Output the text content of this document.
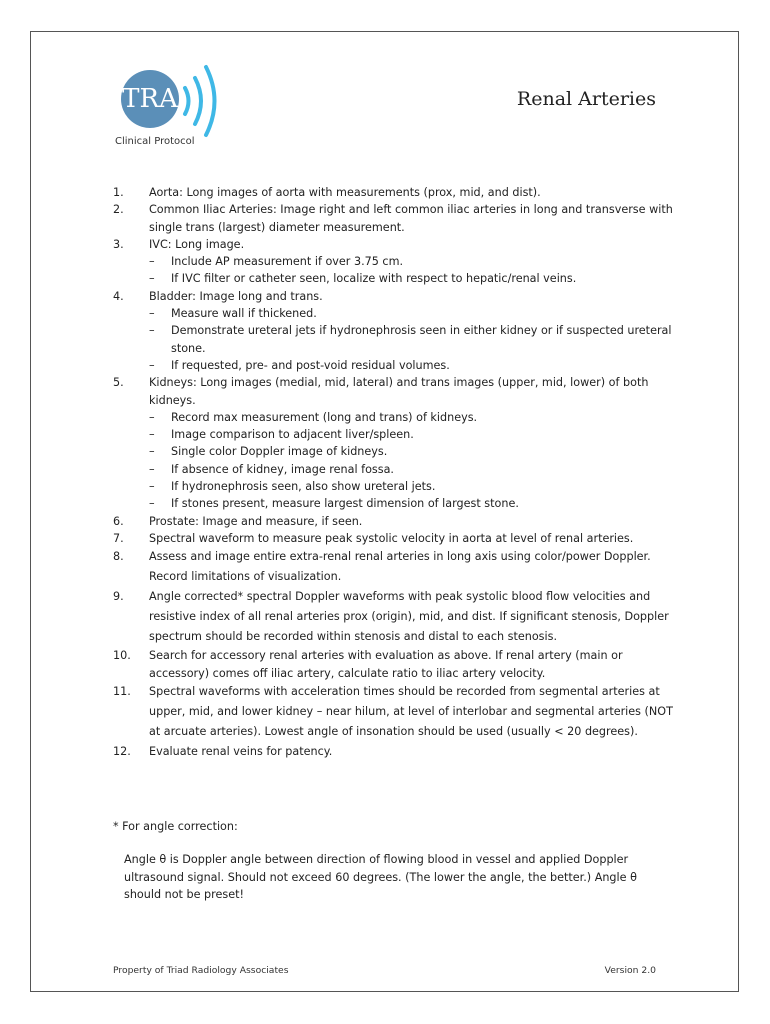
TRA
Clinical Protocol
Renal Arteries
1. Aorta: Long images of aorta with measurements (prox, mid, and dist).
2. Common Iliac Arteries: Image right and left common iliac arteries in long and transverse with single trans (largest) diameter measurement.
3. IVC: Long image.
– Include AP measurement if over 3.75 cm.
– If IVC filter or catheter seen, localize with respect to hepatic/renal veins.
4. Bladder: Image long and trans.
– Measure wall if thickened.
– Demonstrate ureteral jets if hydronephrosis seen in either kidney or if suspected ureteral stone.
– If requested, pre- and post-void residual volumes.
5. Kidneys: Long images (medial, mid, lateral) and trans images (upper, mid, lower) of both kidneys.
– Record max measurement (long and trans) of kidneys.
– Image comparison to adjacent liver/spleen.
– Single color Doppler image of kidneys.
– If absence of kidney, image renal fossa.
– If hydronephrosis seen, also show ureteral jets.
– If stones present, measure largest dimension of largest stone.
6. Prostate: Image and measure, if seen.
7. Spectral waveform to measure peak systolic velocity in aorta at level of renal arteries.
8. Assess and image entire extra-renal renal arteries in long axis using color/power Doppler. Record limitations of visualization.
9. Angle corrected* spectral Doppler waveforms with peak systolic blood flow velocities and resistive index of all renal arteries prox (origin), mid, and dist. If significant stenosis, Doppler spectrum should be recorded within stenosis and distal to each stenosis.
10. Search for accessory renal arteries with evaluation as above. If renal artery (main or accessory) comes off iliac artery, calculate ratio to iliac artery velocity.
11. Spectral waveforms with acceleration times should be recorded from segmental arteries at upper, mid, and lower kidney – near hilum, at level of interlobar and segmental arteries (NOT at arcuate arteries). Lowest angle of insonation should be used (usually < 20 degrees).
12. Evaluate renal veins for patency.
* For angle correction:
Angle θ is Doppler angle between direction of flowing blood in vessel and applied Doppler ultrasound signal. Should not exceed 60 degrees. (The lower the angle, the better.) Angle θ should not be preset!
Property of Triad Radiology Associates	Version 2.0
